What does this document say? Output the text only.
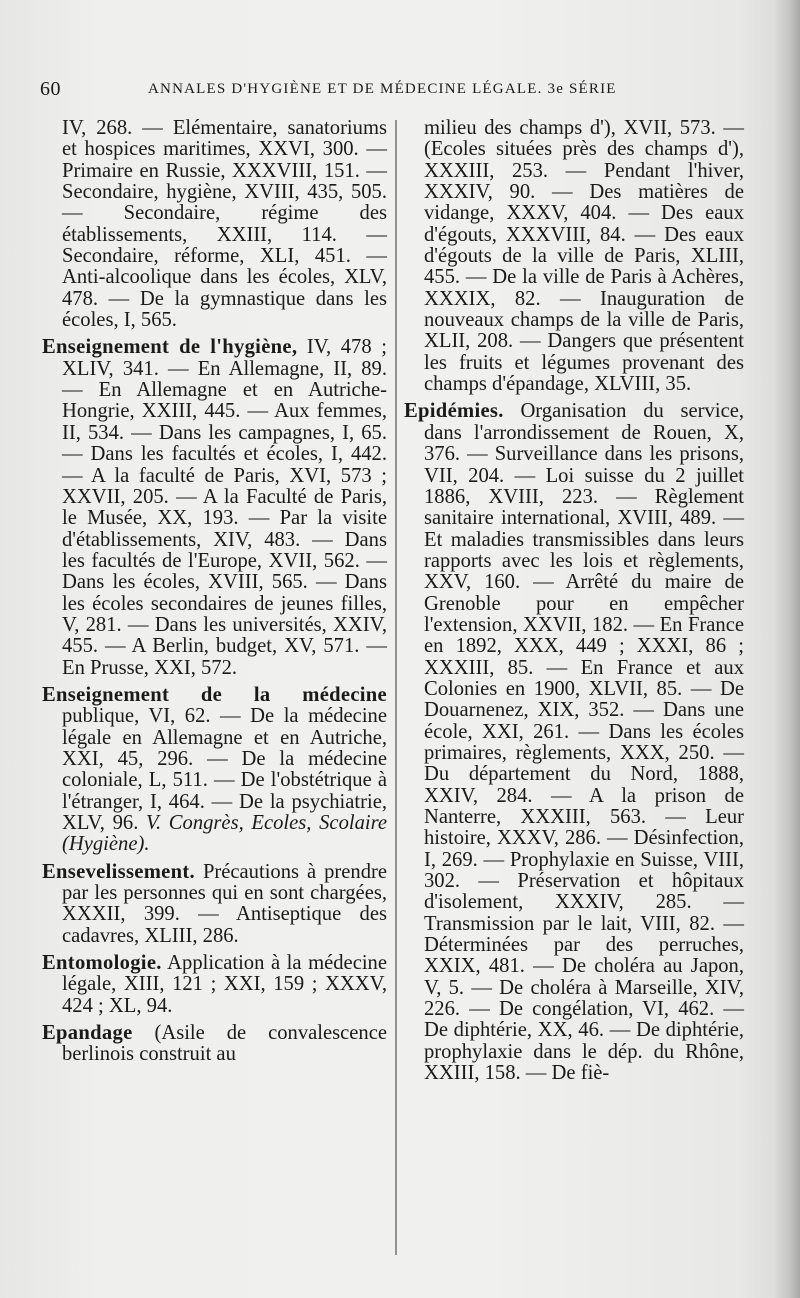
60	ANNALES D'HYGIÈNE ET DE MÉDECINE LÉGALE. 3e SÉRIE

IV, 268. — Elémentaire, sanatoriums et hospices maritimes, XXVI, 300. — Primaire en Russie, XXXVIII, 151. — Secondaire, hygiène, XVIII, 435, 505. — Secondaire, régime des établissements, XXIII, 114. — Secondaire, réforme, XLI, 451. — Anti-alcoolique dans les écoles, XLV, 478. — De la gymnastique dans les écoles, I, 565.

Enseignement de l'hygiène, IV, 478 ; XLIV, 341. — En Allemagne, II, 89. — En Allemagne et en Autriche-Hongrie, XXIII, 445. — Aux femmes, II, 534. — Dans les campagnes, I, 65. — Dans les facultés et écoles, I, 442. — A la faculté de Paris, XVI, 573 ; XXVII, 205. — A la Faculté de Paris, le Musée, XX, 193. — Par la visite d'établissements, XIV, 483. — Dans les facultés de l'Europe, XVII, 562. — Dans les écoles, XVIII, 565. — Dans les écoles secondaires de jeunes filles, V, 281. — Dans les universités, XXIV, 455. — A Berlin, budget, XV, 571. — En Prusse, XXI, 572.

Enseignement de la médecine publique, VI, 62. — De la médecine légale en Allemagne et en Autriche, XXI, 45, 296. — De la médecine coloniale, L, 511. — De l'obstétrique à l'étranger, I, 464. — De la psychiatrie, XLV, 96. V. Congrès, Ecoles, Scolaire (Hygiène).

Ensevelissement. Précautions à prendre par les personnes qui en sont chargées, XXXII, 399. — Antiseptique des cadavres, XLIII, 286.

Entomologie. Application à la médecine légale, XIII, 121 ; XXI, 159 ; XXXV, 424 ; XL, 94.

Epandage (Asile de convalescence berlinois construit au

milieu des champs d'), XVII, 573. — (Ecoles situées près des champs d'), XXXIII, 253. — Pendant l'hiver, XXXIV, 90. — Des matières de vidange, XXXV, 404. — Des eaux d'égouts, XXXVIII, 84. — Des eaux d'égouts de la ville de Paris, XLIII, 455. — De la ville de Paris à Achères, XXXIX, 82. — Inauguration de nouveaux champs de la ville de Paris, XLII, 208. — Dangers que présentent les fruits et légumes provenant des champs d'épandage, XLVIII, 35.

Epidémies. Organisation du service, dans l'arrondissement de Rouen, X, 376. — Surveillance dans les prisons, VII, 204. — Loi suisse du 2 juillet 1886, XVIII, 223. — Règlement sanitaire international, XVIII, 489. — Et maladies transmissibles dans leurs rapports avec les lois et règlements, XXV, 160. — Arrêté du maire de Grenoble pour en empêcher l'extension, XXVII, 182. — En France en 1892, XXX, 449 ; XXXI, 86 ; XXXIII, 85. — En France et aux Colonies en 1900, XLVII, 85. — De Douarnenez, XIX, 352. — Dans une école, XXI, 261. — Dans les écoles primaires, règlements, XXX, 250. — Du département du Nord, 1888, XXIV, 284. — A la prison de Nanterre, XXXIII, 563. — Leur histoire, XXXV, 286. — Désinfection, I, 269. — Prophylaxie en Suisse, VIII, 302. — Préservation et hôpitaux d'isolement, XXXIV, 285. — Transmission par le lait, VIII, 82. — Déterminées par des perruches, XXIX, 481. — De choléra au Japon, V, 5. — De choléra à Marseille, XIV, 226. — De congélation, VI, 462. — De diphtérie, XX, 46. — De diphtérie, prophylaxie dans le dép. du Rhône, XXIII, 158. — De fiè-
